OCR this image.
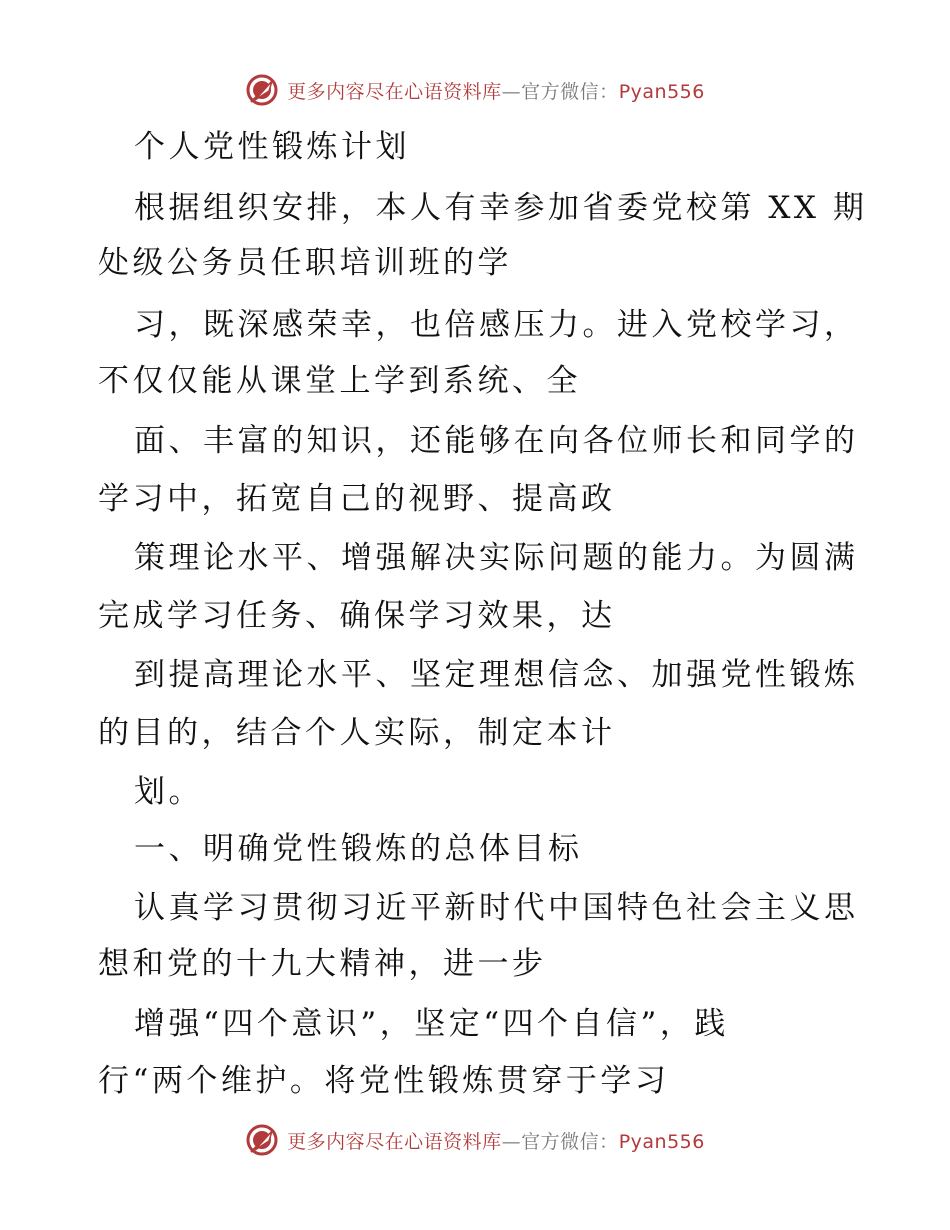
更多内容尽在心语资料库—官方微信：Pyan556
个人党性锻炼计划
根据组织安排，本人有幸参加省委党校第 XX 期
处级公务员任职培训班的学
习，既深感荣幸，也倍感压力。进入党校学习，
不仅仅能从课堂上学到系统、全
面、丰富的知识，还能够在向各位师长和同学的
学习中，拓宽自己的视野、提高政
策理论水平、增强解决实际问题的能力。为圆满
完成学习任务、确保学习效果，达
到提高理论水平、坚定理想信念、加强党性锻炼
的目的，结合个人实际，制定本计
划。
一、明确党性锻炼的总体目标
认真学习贯彻习近平新时代中国特色社会主义思
想和党的十九大精神，进一步
增强“四个意识”，坚定“四个自信”，践
行“两个维护。将党性锻炼贯穿于学习
更多内容尽在心语资料库—官方微信：Pyan556
